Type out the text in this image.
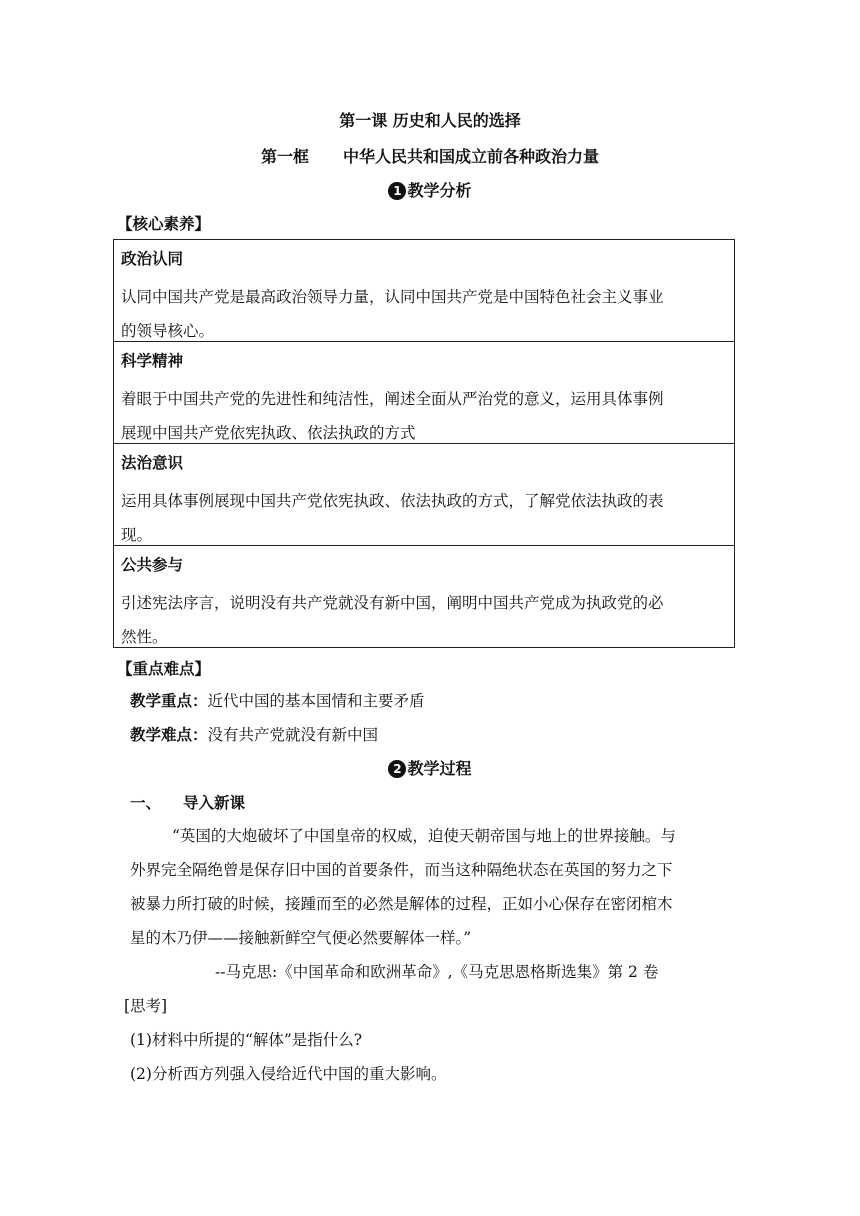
第一课 历史和人民的选择
第一框 中华人民共和国成立前各种政治力量
1 教学分析
【核心素养】
政治认同
认同中国共产党是最高政治领导力量，认同中国共产党是中国特色社会主义事业
的领导核心。
科学精神
着眼于中国共产党的先进性和纯洁性，阐述全面从严治党的意义，运用具体事例
展现中国共产党依宪执政、依法执政的方式
法治意识
运用具体事例展现中国共产党依宪执政、依法执政的方式，了解党依法执政的表
现。
公共参与
引述宪法序言，说明没有共产党就没有新中国，阐明中国共产党成为执政党的必
然性。
【重点难点】
教学重点：近代中国的基本国情和主要矛盾
教学难点：没有共产党就没有新中国
2 教学过程
一、 导入新课
“英国的大炮破坏了中国皇帝的权威，迫使天朝帝国与地上的世界接触。与
外界完全隔绝曾是保存旧中国的首要条件，而当这种隔绝状态在英国的努力之下
被暴力所打破的时候，接踵而至的必然是解体的过程，正如小心保存在密闭棺木
星的木乃伊——接触新鲜空气便必然要解体一样。”
--马克思:《中国革命和欧洲革命》,《马克思恩格斯选集》第 2 卷
[思考]
(1)材料中所提的“解体”是指什么?
(2)分析西方列强入侵给近代中国的重大影响。
